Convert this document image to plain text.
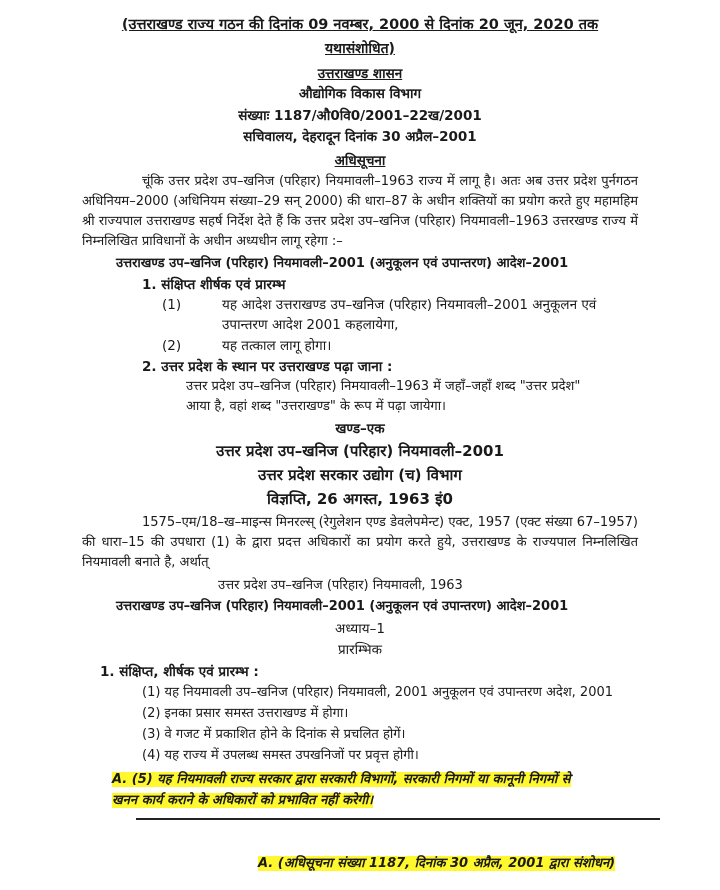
(उत्तराखण्ड राज्य गठन की दिनांक 09 नवम्बर, 2000 से दिनांक 20 जून, 2020 तक
यथासंशोधित)
उत्तराखण्ड शासन
औद्योगिक विकास विभाग
संख्याः 1187/औ0वि0/2001–22ख/2001
सचिवालय, देहरादून दिनांक 30 अप्रैल–2001
अधिसूचना
चूंकि उत्तर प्रदेश उप–खनिज (परिहार) नियमावली–1963 राज्य में लागू है। अतः अब उत्तर प्रदेश पुर्नगठन अधिनियम–2000 (अधिनियम संख्या–29 सन् 2000) की धारा–87 के अधीन शक्तियों का प्रयोग करते हुए महामहिम श्री राज्यपाल उत्तराखण्ड सहर्ष निर्देश देते हैं कि उत्तर प्रदेश उप–खनिज (परिहार) नियमावली–1963 उत्तरखण्ड राज्य में निम्नलिखित प्राविधानों के अधीन अध्यधीन लागू रहेगा :–
उत्तराखण्ड उप–खनिज (परिहार) नियमावली–2001 (अनुकूलन एवं उपान्तरण) आदेश–2001
1. संक्षिप्त शीर्षक एवं प्रारम्भ
(1)	यह आदेश उत्तराखण्ड उप–खनिज (परिहार) नियमावली–2001 अनुकूलन एवं
उपान्तरण आदेश 2001 कहलायेगा,
(2)	यह तत्काल लागू होगा।
2. उत्तर प्रदेश के स्थान पर उत्तराखण्ड पढ़ा जाना :
उत्तर प्रदेश उप–खनिज (परिहार) निमयावली–1963 में जहाँ–जहाँ शब्द "उत्तर प्रदेश"
आया है, वहां शब्द "उत्तराखण्ड" के रूप में पढ़ा जायेगा।
खण्ड–एक
उत्तर प्रदेश उप–खनिज (परिहार) नियमावली–2001
उत्तर प्रदेश सरकार उद्योग (च) विभाग
विज्ञप्ति, 26 अगस्त, 1963 इं0
1575–एम/18–ख–माइन्स मिनरल्स् (रेगुलेशन एण्ड डेवलेपमेन्ट) एक्ट, 1957 (एक्ट संख्या 67–1957) की धारा–15 की उपधारा (1) के द्वारा प्रदत्त अधिकारों का प्रयोग करते हुये, उत्तराखण्ड के राज्यपाल निम्नलिखित नियमावली बनाते है, अर्थात्
उत्तर प्रदेश उप–खनिज (परिहार) नियमावली, 1963
उत्तराखण्ड उप–खनिज (परिहार) नियमावली–2001 (अनुकूलन एवं उपान्तरण) आदेश–2001
अध्याय–1
प्रारम्भिक
1. संक्षिप्त, शीर्षक एवं प्रारम्भ :
(1) यह नियमावली उप–खनिज (परिहार) नियमावली, 2001 अनुकूलन एवं उपान्तरण अदेश, 2001
(2) इनका प्रसार समस्त उत्तराखण्ड में होगा।
(3) वे गजट में प्रकाशित होने के दिनांक से प्रचलित होगें।
(4) यह राज्य में उपलब्ध समस्त उपखनिजों पर प्रवृत्त होगी।
A. (5) यह नियमावली राज्य सरकार द्वारा सरकारी विभागों, सरकारी निगमों या कानूनी निगमों से
खनन कार्य कराने के अधिकारों को प्रभावित नहीं करेगी।
A. (अधिसूचना संख्या 1187, दिनांक 30 अप्रैल, 2001 द्वारा संशोधन)
